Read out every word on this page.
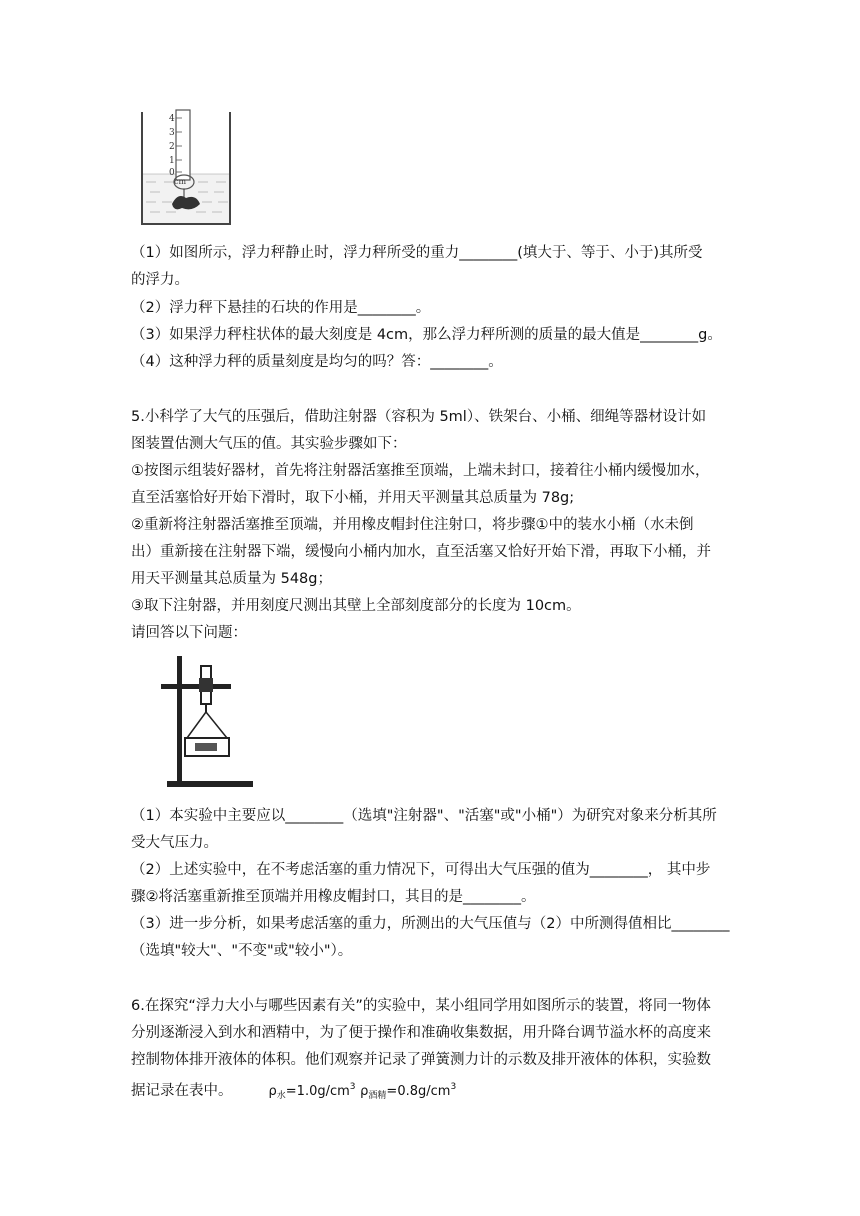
4
3
2
1
0
cm
（1）如图所示，浮力秤静止时，浮力秤所受的重力________(填大于、等于、小于)其所受
的浮力。
（2）浮力秤下悬挂的石块的作用是________。
（3）如果浮力秤柱状体的最大刻度是 4cm，那么浮力秤所测的质量的最大值是________g。
（4）这种浮力秤的质量刻度是均匀的吗？答：________。
5.小科学了大气的压强后，借助注射器（容积为 5ml）、铁架台、小桶、细绳等器材设计如
图装置估测大气压的值。其实验步骤如下：
①按图示组装好器材，首先将注射器活塞推至顶端，上端未封口，接着往小桶内缓慢加水，
直至活塞恰好开始下滑时，取下小桶，并用天平测量其总质量为 78g;
②重新将注射器活塞推至顶端，并用橡皮帽封住注射口，将步骤①中的装水小桶（水未倒
出）重新接在注射器下端，缓慢向小桶内加水，直至活塞又恰好开始下滑，再取下小桶，并
用天平测量其总质量为 548g；
③取下注射器，并用刻度尺测出其壁上全部刻度部分的长度为 10cm。
请回答以下问题：
（1）本实验中主要应以________（选填"注射器"、"活塞"或"小桶"）为研究对象来分析其所
受大气压力。
（2）上述实验中，在不考虑活塞的重力情况下，可得出大气压强的值为________， 其中步
骤②将活塞重新推至顶端并用橡皮帽封口，其目的是________。
（3）进一步分析，如果考虑活塞的重力，所测出的大气压值与（2）中所测得值相比________
（选填"较大"、"不变"或"较小"）。
6.在探究“浮力大小与哪些因素有关”的实验中，某小组同学用如图所示的装置，将同一物体
分别逐渐浸入到水和酒精中，为了便于操作和准确收集数据，用升降台调节溢水杯的高度来
控制物体排开液体的体积。他们观察并记录了弹簧测力计的示数及排开液体的体积，实验数
据记录在表中。	$\rho_水=1.0g/cm^3$ $\rho_{酒精}=0.8g/cm^3$
